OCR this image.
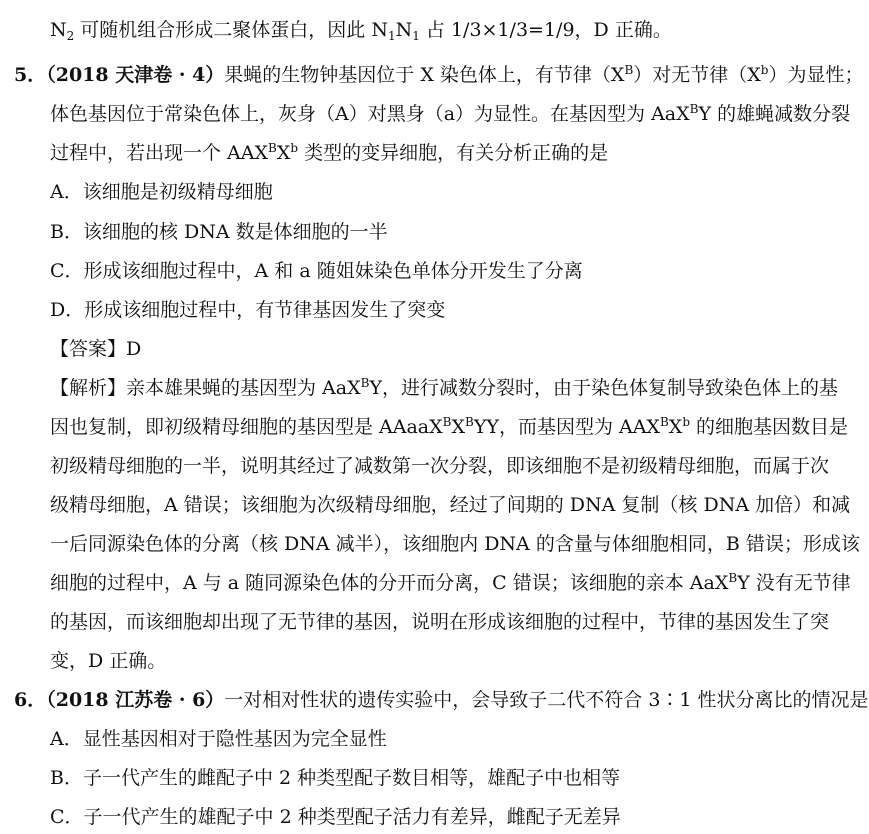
$N_2$ 可随机组合形成二聚体蛋白，因此 $N_1N_1$ 占 1/3×1/3=1/9，D 正确。
5．（2018 天津卷 · 4）果蝇的生物钟基因位于 X 染色体上，有节律$(X^B)$对无节律$(X^b)$为显性；
体色基因位于常染色体上，灰身（A）对黑身（a）为显性。在基因型为 AaX$^B$Y 的雄蝇减数分裂
过程中，若出现一个 $AAX^BX^b$ 类型的变异细胞，有关分析正确的是
A．该细胞是初级精母细胞
B．该细胞的核 DNA 数是体细胞的一半
C．形成该细胞过程中，A 和 a 随姐妹染色单体分开发生了分离
D．形成该细胞过程中，有节律基因发生了突变
【答案】D
【解析】亲本雄果蝇的基因型为 AaX$^B$Y，进行减数分裂时，由于染色体复制导致染色体上的基
因也复制，即初级精母细胞的基因型是 $AAaaX^BX^BYY$，而基因型为 $AAX^BX^b$ 的细胞基因数目是
初级精母细胞的一半，说明其经过了减数第一次分裂，即该细胞不是初级精母细胞，而属于次
级精母细胞，A 错误；该细胞为次级精母细胞，经过了间期的 DNA 复制（核 DNA 加倍）和减
一后同源染色体的分离（核 DNA 减半），该细胞内 DNA 的含量与体细胞相同，B 错误；形成该
细胞的过程中，A 与 a 随同源染色体的分开而分离，C 错误；该细胞的亲本 AaX$^B$Y 没有无节律
的基因，而该细胞却出现了无节律的基因，说明在形成该细胞的过程中，节律的基因发生了突
变，D 正确。
6．（2018 江苏卷 · 6）一对相对性状的遗传实验中，会导致子二代不符合 3∶1 性状分离比的情况是
A．显性基因相对于隐性基因为完全显性
B．子一代产生的雌配子中 2 种类型配子数目相等，雄配子中也相等
C．子一代产生的雄配子中 2 种类型配子活力有差异，雌配子无差异
